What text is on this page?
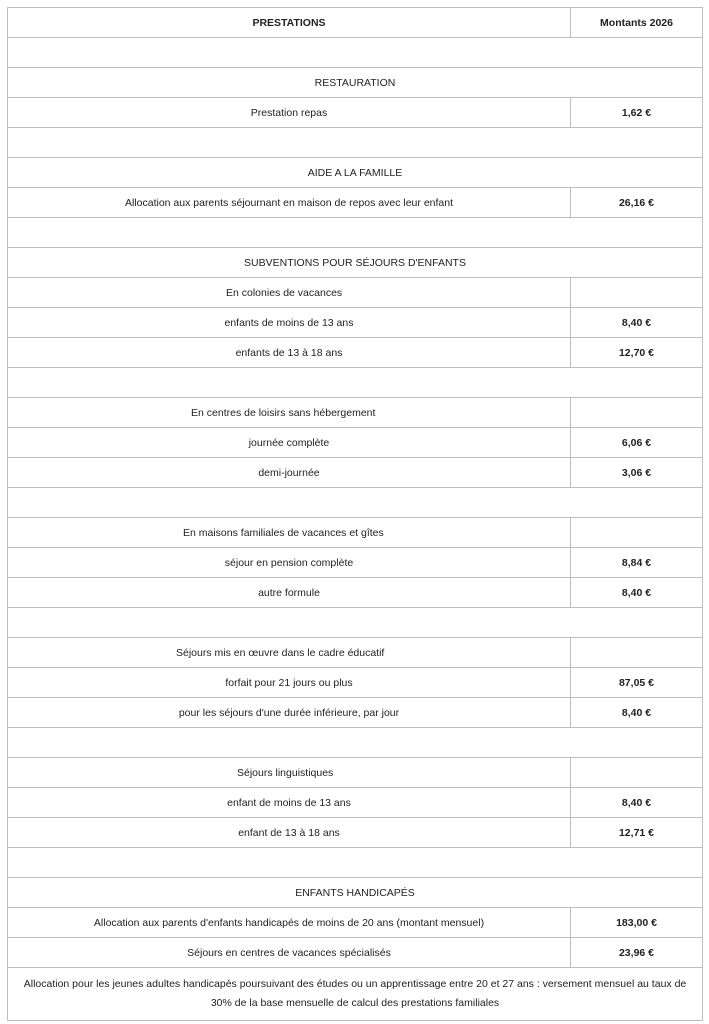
PRESTATIONS	Montants 2026

RESTAURATION	
Prestation repas	1,62 €

AIDE A LA FAMILLE	
Allocation aux parents séjournant en maison de repos avec leur enfant	26,16 €

SUBVENTIONS POUR SÉJOURS D'ENFANTS	
En colonies de vacances	
enfants de moins de 13 ans	8,40 €
enfants de 13 à 18 ans	12,70 €

En centres de loisirs sans hébergement	
journée complète	6,06 €
demi-journée	3,06 €

En maisons familiales de vacances et gîtes	
séjour en pension complète	8,84 €
autre formule	8,40 €

Séjours mis en œuvre dans le cadre éducatif	
forfait pour 21 jours ou plus	87,05 €
pour les séjours d'une durée inférieure, par jour	8,40 €

Séjours linguistiques	
enfant de moins de 13 ans	8,40 €
enfant de 13 à 18 ans	12,71 €

ENFANTS HANDICAPÉS	
Allocation aux parents d'enfants handicapés de moins de 20 ans (montant mensuel)	183,00 €
Séjours en centres de vacances spécialisés	23,96 €
Allocation pour les jeunes adultes handicapés poursuivant des études ou un apprentissage entre 20 et 27 ans : versement mensuel au taux de 30% de la base mensuelle de calcul des prestations familiales	
